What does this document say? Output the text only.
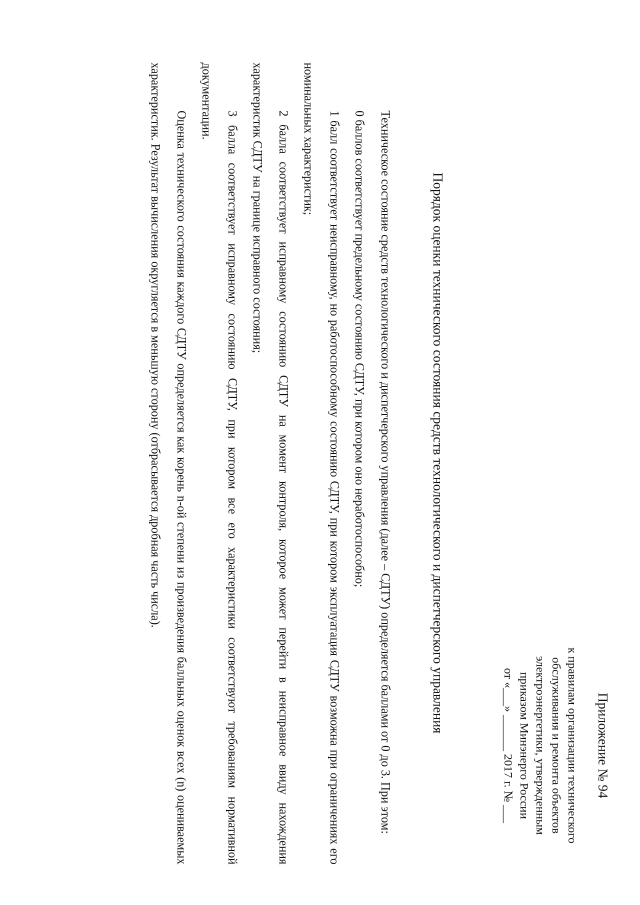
Приложение № 94
к правилам организации технического
обслуживания и ремонта объектов
электроэнергетики, утвержденным
приказом Минэнерго России
от «___» ______ 2017 г. № ___
Порядок оценки технического состояния средств технологического и диспетчерского управления

Техническое состояние средств технологического и диспетчерского управления (далее – СДТУ) определяется баллами от 0 до 3. При этом:

0 баллов соответствует предельному состоянию СДТУ, при котором оно неработоспособно;

1 балл соответствует неисправному, но работоспособному состоянию СДТУ, при котором эксплуатация СДТУ возможна при ограничениях его номинальных характеристик;

2 балла соответствует исправному состоянию СДТУ на момент контроля, которое может перейти в неисправное ввиду нахождения характеристик СДТУ на границе исправного состояния;

3 балла соответствует исправному состоянию СДТУ, при котором все его характеристики соответствуют требованиям нормативной документации.

Оценка технического состояния каждого СДТУ определяется как корень n-ой степени из произведения балльных оценок всех (n) оцениваемых характеристик. Результат вычисления округляется в меньшую сторону (отбрасывается дробная часть числа).
